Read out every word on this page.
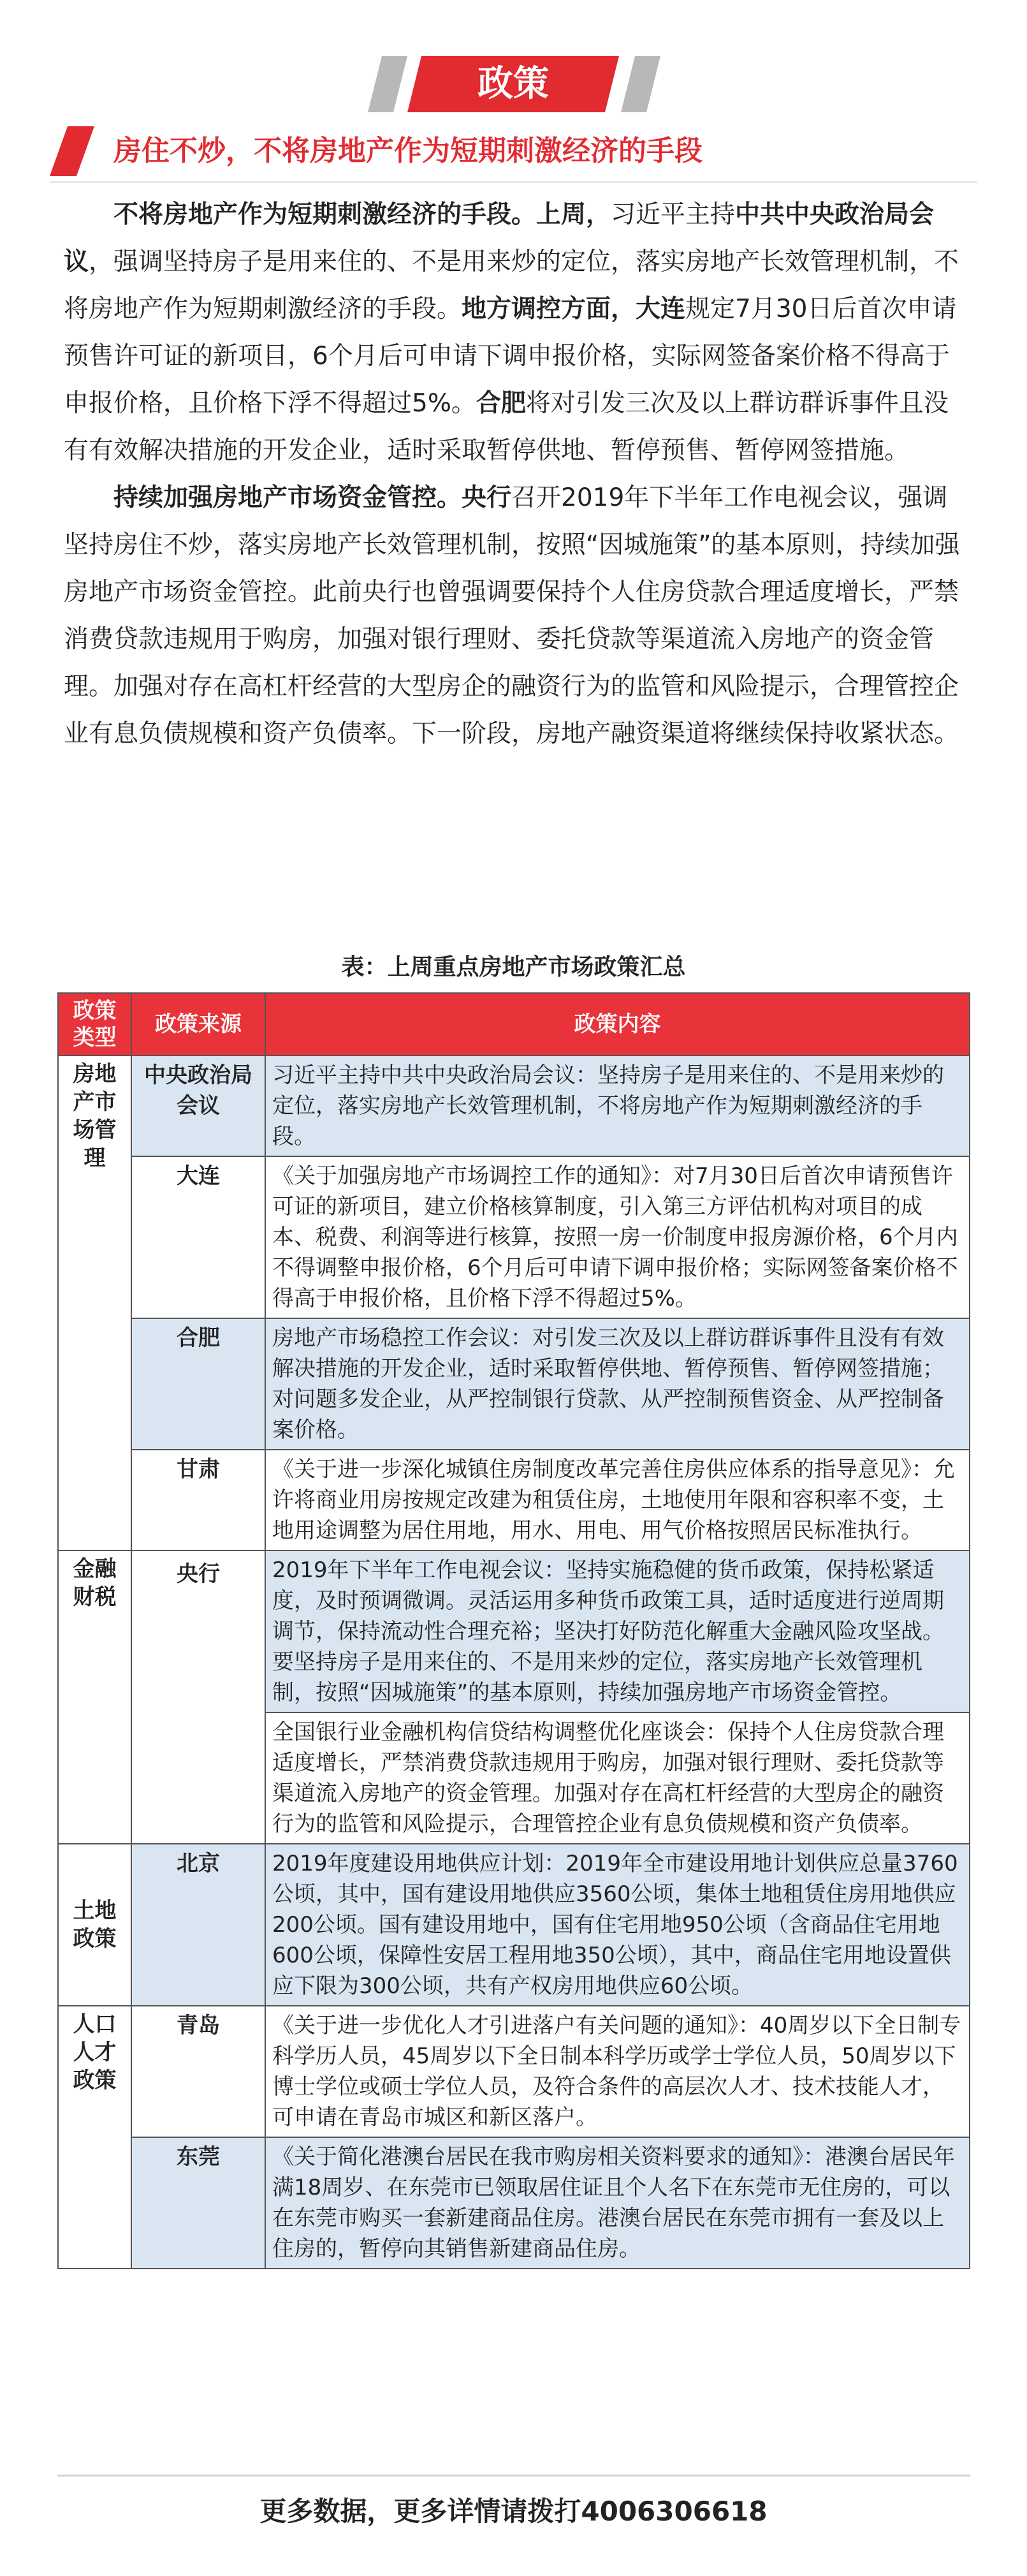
政策
房住不炒，不将房地产作为短期刺激经济的手段

不将房地产作为短期刺激经济的手段。上周，习近平主持中共中央政治局会议，强调坚持房子是用来住的、不是用来炒的定位，落实房地产长效管理机制，不将房地产作为短期刺激经济的手段。地方调控方面，大连规定7月30日后首次申请预售许可证的新项目，6个月后可申请下调申报价格，实际网签备案价格不得高于申报价格，且价格下浮不得超过5%。合肥将对引发三次及以上群访群诉事件且没有有效解决措施的开发企业，适时采取暂停供地、暂停预售、暂停网签措施。

持续加强房地产市场资金管控。央行召开2019年下半年工作电视会议，强调坚持房住不炒，落实房地产长效管理机制，按照“因城施策”的基本原则，持续加强房地产市场资金管控。此前央行也曾强调要保持个人住房贷款合理适度增长，严禁消费贷款违规用于购房，加强对银行理财、委托贷款等渠道流入房地产的资金管理。加强对存在高杠杆经营的大型房企的融资行为的监管和风险提示，合理管控企业有息负债规模和资产负债率。下一阶段，房地产融资渠道将继续保持收紧状态。

表：上周重点房地产市场政策汇总
政策类型	政策来源	政策内容
房地产市场管理	中央政治局会议	习近平主持中共中央政治局会议：坚持房子是用来住的、不是用来炒的定位，落实房地产长效管理机制，不将房地产作为短期刺激经济的手段。
	大连	《关于加强房地产市场调控工作的通知》：对7月30日后首次申请预售许可证的新项目，建立价格核算制度，引入第三方评估机构对项目的成本、税费、利润等进行核算，按照一房一价制度申报房源价格，6个月内不得调整申报价格，6个月后可申请下调申报价格；实际网签备案价格不得高于申报价格，且价格下浮不得超过5%。
	合肥	房地产市场稳控工作会议：对引发三次及以上群访群诉事件且没有有效解决措施的开发企业，适时采取暂停供地、暂停预售、暂停网签措施；对问题多发企业，从严控制银行贷款、从严控制预售资金、从严控制备案价格。
	甘肃	《关于进一步深化城镇住房制度改革完善住房供应体系的指导意见》：允许将商业用房按规定改建为租赁住房，土地使用年限和容积率不变，土地用途调整为居住用地，用水、用电、用气价格按照居民标准执行。
金融财税	央行	2019年下半年工作电视会议：坚持实施稳健的货币政策，保持松紧适度，及时预调微调。灵活运用多种货币政策工具，适时适度进行逆周期调节，保持流动性合理充裕；坚决打好防范化解重大金融风险攻坚战。要坚持房子是用来住的、不是用来炒的定位，落实房地产长效管理机制，按照“因城施策”的基本原则，持续加强房地产市场资金管控。
		全国银行业金融机构信贷结构调整优化座谈会：保持个人住房贷款合理适度增长，严禁消费贷款违规用于购房，加强对银行理财、委托贷款等渠道流入房地产的资金管理。加强对存在高杠杆经营的大型房企的融资行为的监管和风险提示，合理管控企业有息负债规模和资产负债率。
土地政策	北京	2019年度建设用地供应计划：2019年全市建设用地计划供应总量3760公顷，其中，国有建设用地供应3560公顷，集体土地租赁住房用地供应200公顷。国有建设用地中，国有住宅用地950公顷（含商品住宅用地600公顷，保障性安居工程用地350公顷），其中，商品住宅用地设置供应下限为300公顷，共有产权房用地供应60公顷。
人口人才政策	青岛	《关于进一步优化人才引进落户有关问题的通知》：40周岁以下全日制专科学历人员，45周岁以下全日制本科学历或学士学位人员，50周岁以下博士学位或硕士学位人员，及符合条件的高层次人才、技术技能人才，可申请在青岛市城区和新区落户。
	东莞	《关于简化港澳台居民在我市购房相关资料要求的通知》：港澳台居民年满18周岁、在东莞市已领取居住证且个人名下在东莞市无住房的，可以在东莞市购买一套新建商品住房。港澳台居民在东莞市拥有一套及以上住房的，暂停向其销售新建商品住房。
更多数据，更多详情请拨打4006306618
